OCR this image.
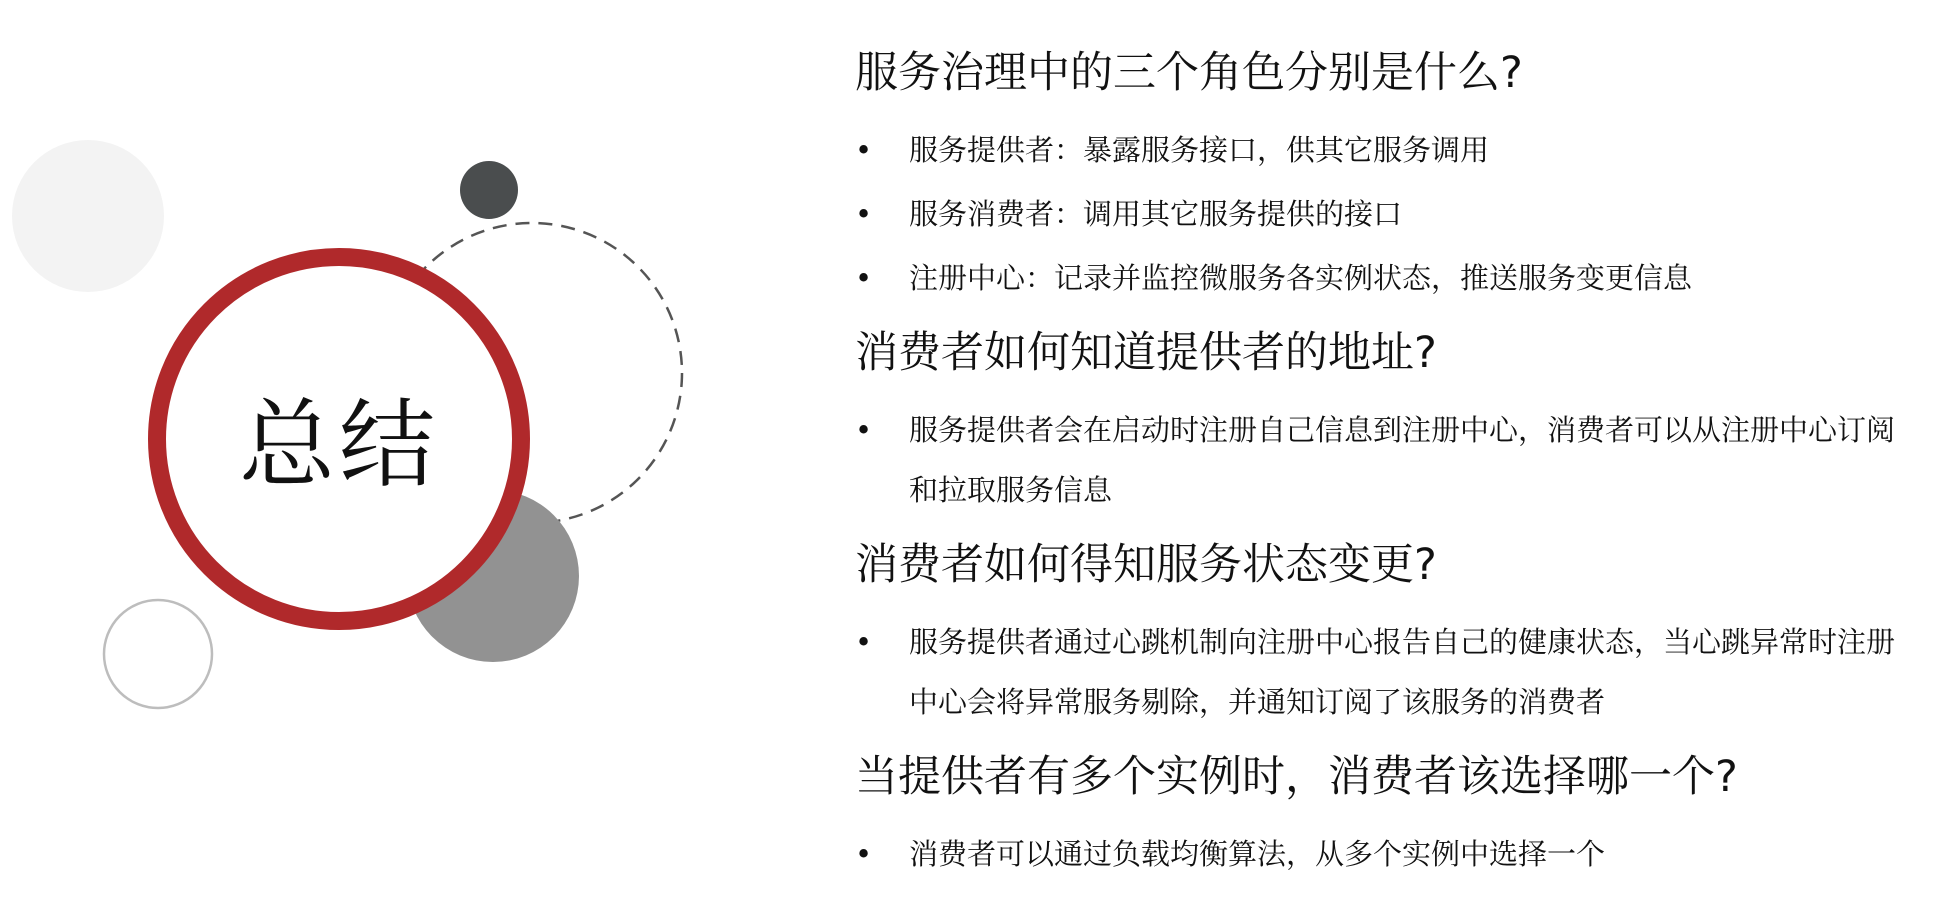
总结
服务治理中的三个角色分别是什么?
• 服务提供者：暴露服务接口，供其它服务调用
• 服务消费者：调用其它服务提供的接口
• 注册中心：记录并监控微服务各实例状态，推送服务变更信息
消费者如何知道提供者的地址?
• 服务提供者会在启动时注册自己信息到注册中心，消费者可以从注册中心订阅和拉取服务信息
消费者如何得知服务状态变更?
• 服务提供者通过心跳机制向注册中心报告自己的健康状态，当心跳异常时注册中心会将异常服务剔除，并通知订阅了该服务的消费者
当提供者有多个实例时，消费者该选择哪一个?
• 消费者可以通过负载均衡算法，从多个实例中选择一个
